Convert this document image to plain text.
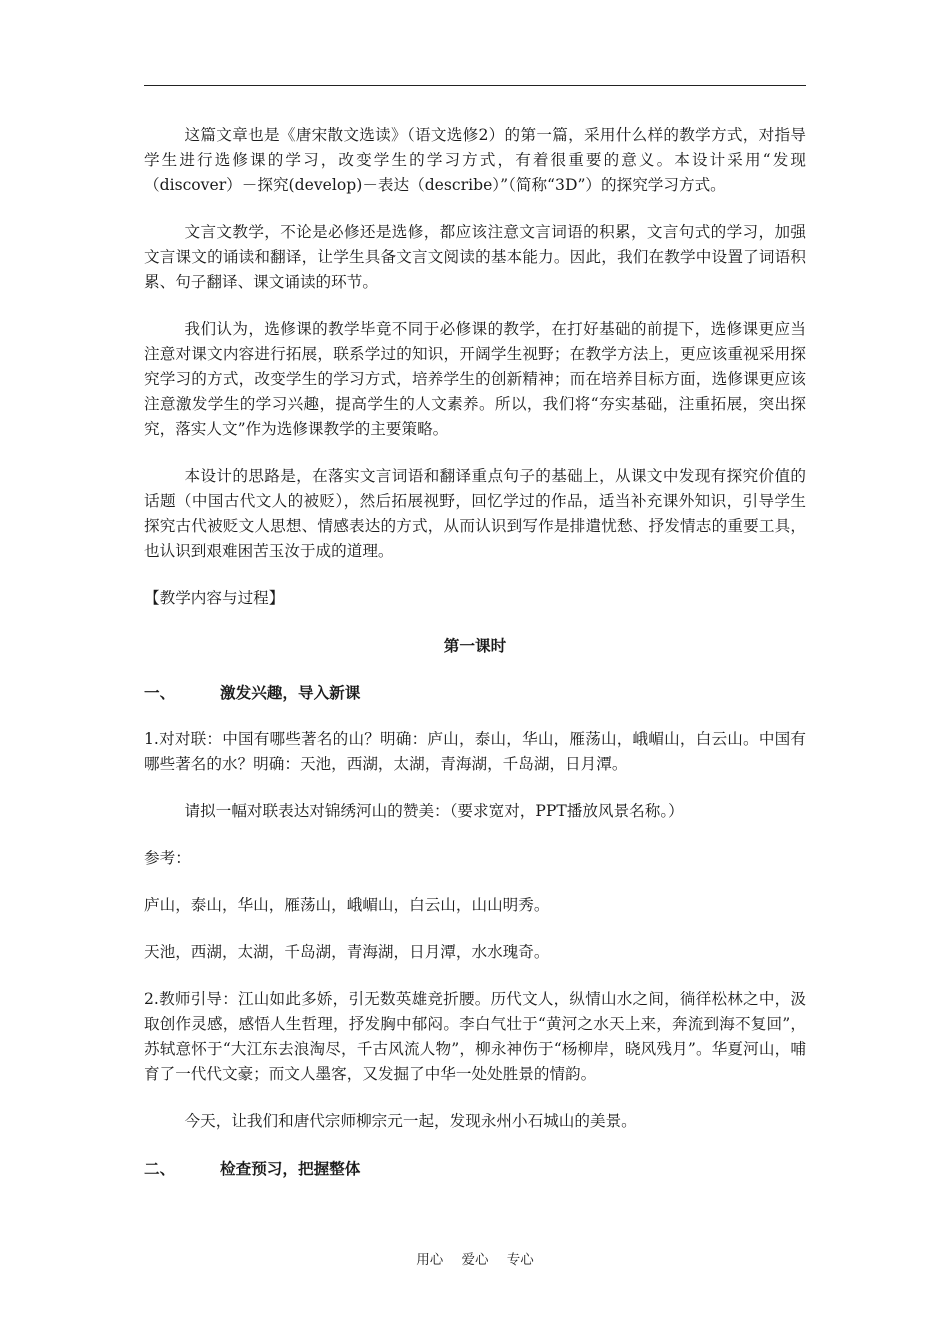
这篇文章也是《唐宋散文选读》（语文选修2）的第一篇，采用什么样的教学方式，对指导学生进行选修课的学习，改变学生的学习方式，有着很重要的意义。本设计采用“发现（discover）－探究(develop)－表达（describe）”（简称“3D”）的探究学习方式。

文言文教学，不论是必修还是选修，都应该注意文言词语的积累，文言句式的学习，加强文言课文的诵读和翻译，让学生具备文言文阅读的基本能力。因此，我们在教学中设置了词语积累、句子翻译、课文诵读的环节。

我们认为，选修课的教学毕竟不同于必修课的教学，在打好基础的前提下，选修课更应当注意对课文内容进行拓展，联系学过的知识，开阔学生视野；在教学方法上，更应该重视采用探究学习的方式，改变学生的学习方式，培养学生的创新精神；而在培养目标方面，选修课更应该注意激发学生的学习兴趣，提高学生的人文素养。所以，我们将“夯实基础，注重拓展，突出探究，落实人文”作为选修课教学的主要策略。

本设计的思路是，在落实文言词语和翻译重点句子的基础上，从课文中发现有探究价值的话题（中国古代文人的被贬），然后拓展视野，回忆学过的作品，适当补充课外知识，引导学生探究古代被贬文人思想、情感表达的方式，从而认识到写作是排遣忧愁、抒发情志的重要工具，也认识到艰难困苦玉汝于成的道理。

【教学内容与过程】

第一课时

一、	激发兴趣，导入新课

1.对对联：中国有哪些著名的山？明确：庐山，泰山，华山，雁荡山，峨嵋山，白云山。中国有哪些著名的水？明确：天池，西湖，太湖，青海湖，千岛湖，日月潭。

请拟一幅对联表达对锦绣河山的赞美：（要求宽对，PPT播放风景名称。）

参考：

庐山，泰山，华山，雁荡山，峨嵋山，白云山，山山明秀。

天池，西湖，太湖，千岛湖，青海湖，日月潭，水水瑰奇。

2.教师引导：江山如此多娇，引无数英雄竞折腰。历代文人，纵情山水之间，徜徉松林之中，汲取创作灵感，感悟人生哲理，抒发胸中郁闷。李白气壮于“黄河之水天上来，奔流到海不复回”，苏轼意怀于“大江东去浪淘尽，千古风流人物”，柳永神伤于“杨柳岸，晓风残月”。华夏河山，哺育了一代代文豪；而文人墨客，又发掘了中华一处处胜景的情韵。

今天，让我们和唐代宗师柳宗元一起，发现永州小石城山的美景。

二、	检查预习，把握整体

用心 爱心 专心
